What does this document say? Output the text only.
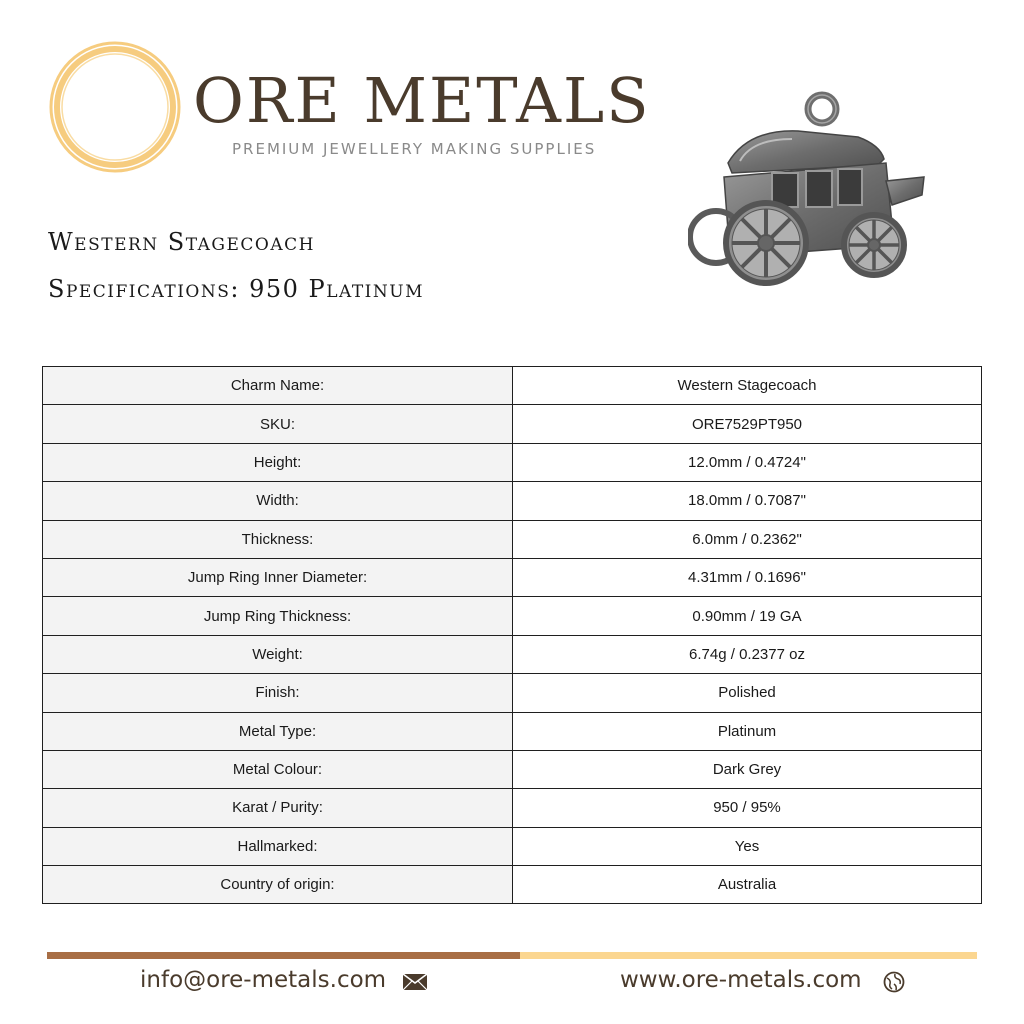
ORE METALS
PREMIUM JEWELLERY MAKING SUPPLIES
Western Stagecoach
Specifications: 950 Platinum
Charm Name:	Western Stagecoach
SKU:	ORE7529PT950
Height:	12.0mm / 0.4724"
Width:	18.0mm / 0.7087"
Thickness:	6.0mm / 0.2362"
Jump Ring Inner Diameter:	4.31mm / 0.1696"
Jump Ring Thickness:	0.90mm / 19 GA
Weight:	6.74g / 0.2377 oz
Finish:	Polished
Metal Type:	Platinum
Metal Colour:	Dark Grey
Karat / Purity:	950 / 95%
Hallmarked:	Yes
Country of origin:	Australia
info@ore-metals.com	www.ore-metals.com
